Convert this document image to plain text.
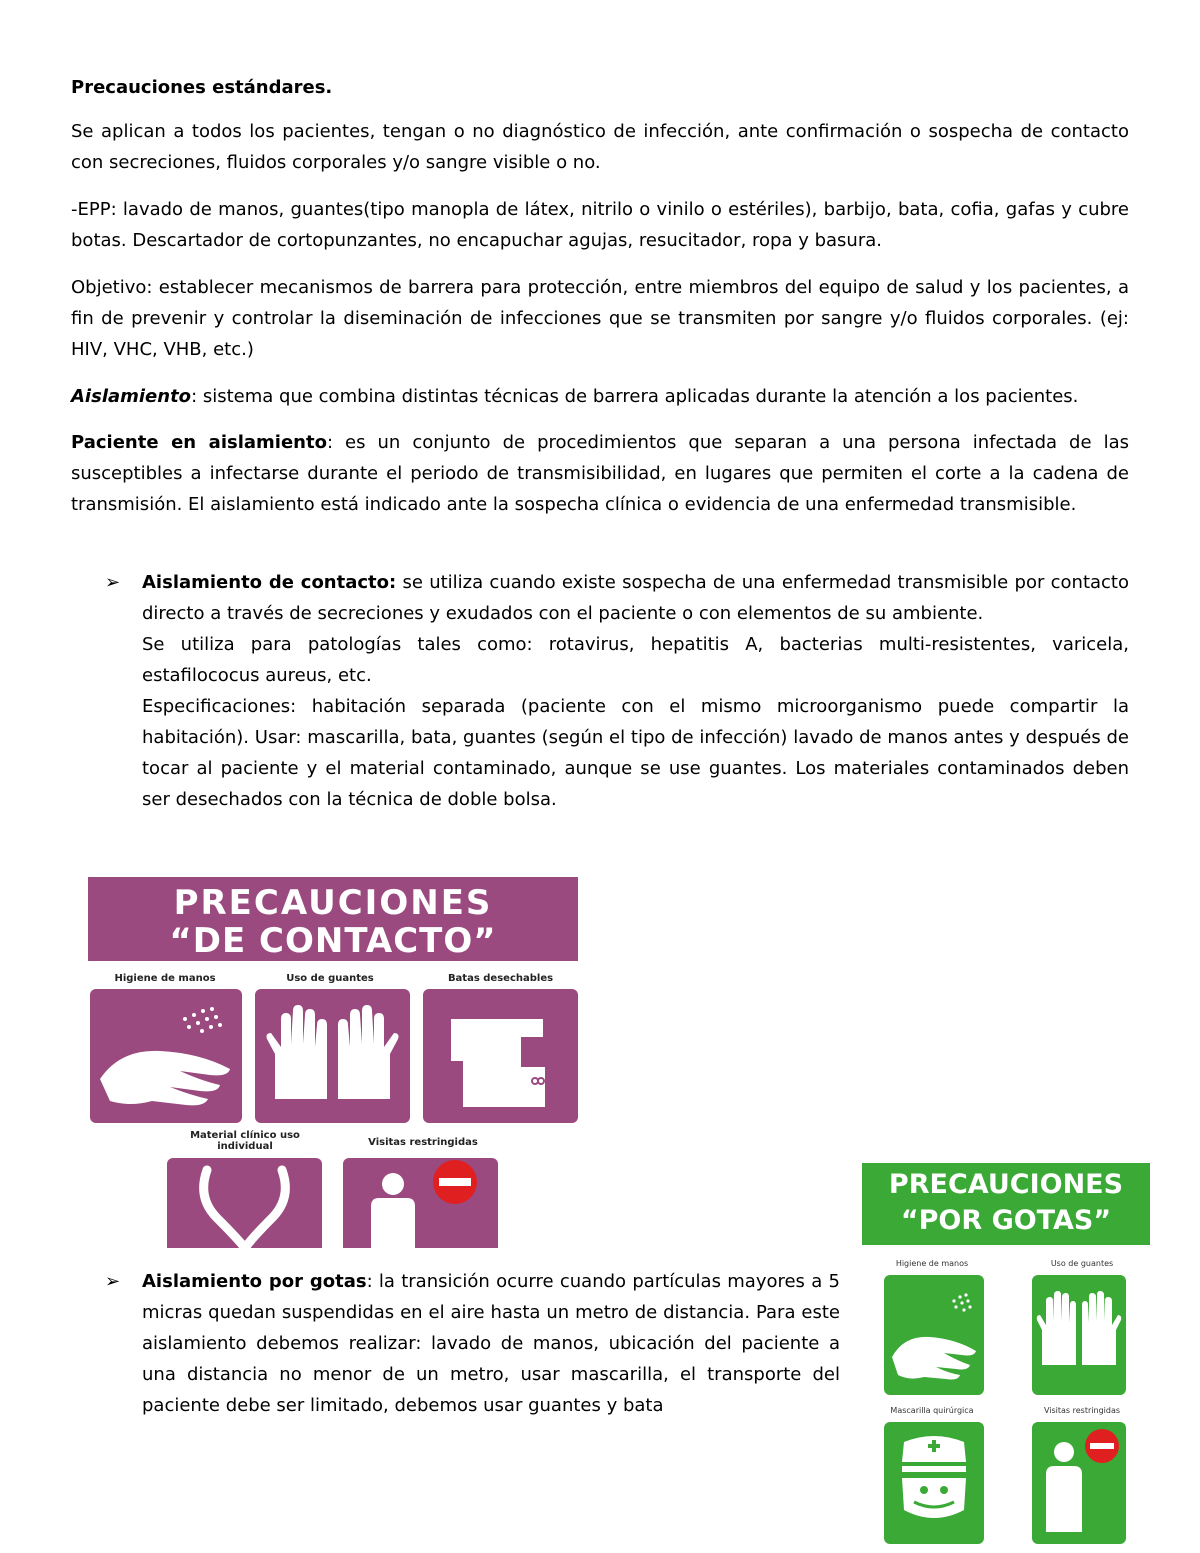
Precauciones estándares.

Se aplican a todos los pacientes, tengan o no diagnóstico de infección, ante confirmación o sospecha de contacto con secreciones, fluidos corporales y/o sangre visible o no.

-EPP: lavado de manos, guantes(tipo manopla de látex, nitrilo o vinilo o estériles), barbijo, bata, cofia, gafas y cubre botas. Descartador de cortopunzantes, no encapuchar agujas, resucitador, ropa y basura.

Objetivo: establecer mecanismos de barrera para protección, entre miembros del equipo de salud y los pacientes, a fin de prevenir y controlar la diseminación de infecciones que se transmiten por sangre y/o fluidos corporales. (ej: HIV, VHC, VHB, etc.)

Aislamiento: sistema que combina distintas técnicas de barrera aplicadas durante la atención a los pacientes.

Paciente en aislamiento: es un conjunto de procedimientos que separan a una persona infectada de las susceptibles a infectarse durante el periodo de transmisibilidad, en lugares que permiten el corte a la cadena de transmisión. El aislamiento está indicado ante la sospecha clínica o evidencia de una enfermedad transmisible.

➢ Aislamiento de contacto: se utiliza cuando existe sospecha de una enfermedad transmisible por contacto directo a través de secreciones y exudados con el paciente o con elementos de su ambiente.

Se utiliza para patologías tales como: rotavirus, hepatitis A, bacterias multi-resistentes, varicela, estafilococus aureus, etc.

Especificaciones: habitación separada (paciente con el mismo microorganismo puede compartir la habitación). Usar: mascarilla, bata, guantes (según el tipo de infección) lavado de manos antes y después de tocar al paciente y el material contaminado, aunque se use guantes. Los materiales contaminados deben ser desechados con la técnica de doble bolsa.

PRECAUCIONES
“DE CONTACTO”
Higiene de manos	Uso de guantes	Batas desechables
Material clínico uso individual	Visitas restringidas
➢ Aislamiento por gotas: la transición ocurre cuando partículas mayores a 5 micras quedan suspendidas en el aire hasta un metro de distancia. Para este aislamiento debemos realizar: lavado de manos, ubicación del paciente a una distancia no menor de un metro, usar mascarilla, el transporte del paciente debe ser limitado, debemos usar guantes y bata

PRECAUCIONES
“POR GOTAS”
Higiene de manos	Uso de guantes
Mascarilla quirúrgica	Visitas restringidas
